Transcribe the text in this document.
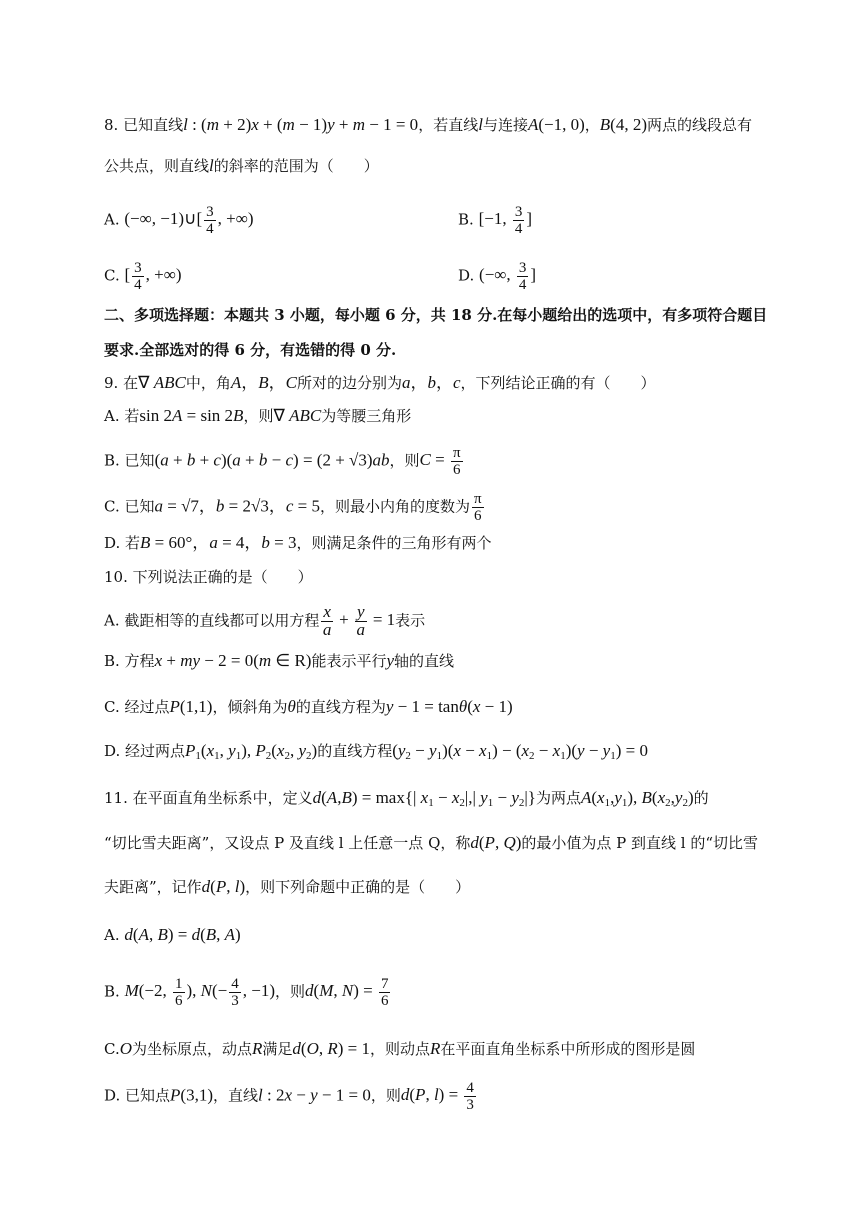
8. 已知直线l : (m + 2)x + (m − 1)y + m − 1 = 0，若直线l与连接A(−1, 0)，B(4, 2)两点的线段总有
公共点，则直线l的斜率的范围为（　　）
A. (−∞, −1)∪[ $\frac{3}{4}$ , +∞)	B. [−1, $\frac{3}{4}$ ]
C. [ $\frac{3}{4}$ , +∞)	D. (−∞, $\frac{3}{4}$ ]
二、多项选择题：本题共 3 小题，每小题 6 分，共 18 分.在每小题给出的选项中，有多项符合题目
要求.全部选对的得 6 分，有选错的得 0 分.
9. 在∇ ABC中，角A，B，C所对的边分别为a，b，c，下列结论正确的有（　　）
A. 若sin 2A = sin 2B，则∇ ABC为等腰三角形
B. 已知(a + b + c)(a + b − c) = (2 + √3)ab，则$C = \frac{\pi}{6}$
C. 已知a = √7，b = 2√3，c = 5，则最小内角的度数为 $\frac{\pi}{6}$
D. 若B = 60°，a = 4，b = 3，则满足条件的三角形有两个
10. 下列说法正确的是（　　）
A. 截距相等的直线都可以用方程 $\frac{x}{a} + \frac{y}{a} = 1$表示
B. 方程x + my − 2 = 0(m ∈ R)能表示平行y轴的直线
C. 经过点P(1,1)，倾斜角为θ的直线方程为y − 1 = tanθ(x − 1)
D. 经过两点$P_1(x_1$, $y_1$), $P_2(x_2$, $y_2$)的直线方程$(y_2 - y_1)(x - x_1) - (x_2 - x_1)(y - y_1) = 0$
11. 在平面直角坐标系中，定义d(A,B) = max{| $x_1 - x_2|,|$ $y_1 - y_2|$}为两点$A(x_1,y_1)$, $B(x_2,y_2)$的
“切比雪夫距离”，又设点 P 及直线 l 上任意一点 Q，称d(P, Q)的最小值为点 P 到直线 l 的“切比雪
夫距离”，记作d(P, l)，则下列命题中正确的是（　　）
A. d(A, B) = d(B, A)
B. M(−2, $\frac{1}{6}$ ), $N(- \frac{4}{3}$ , −1)，则d(M, $N) = \frac{7}{6}$
C.O为坐标原点，动点R满足d(O, R) = 1，则动点R在平面直角坐标系中所形成的图形是圆
D. 已知点P(3,1)，直线l : 2x − y − 1 = 0，则d(P, $l) = \frac{4}{3}$
